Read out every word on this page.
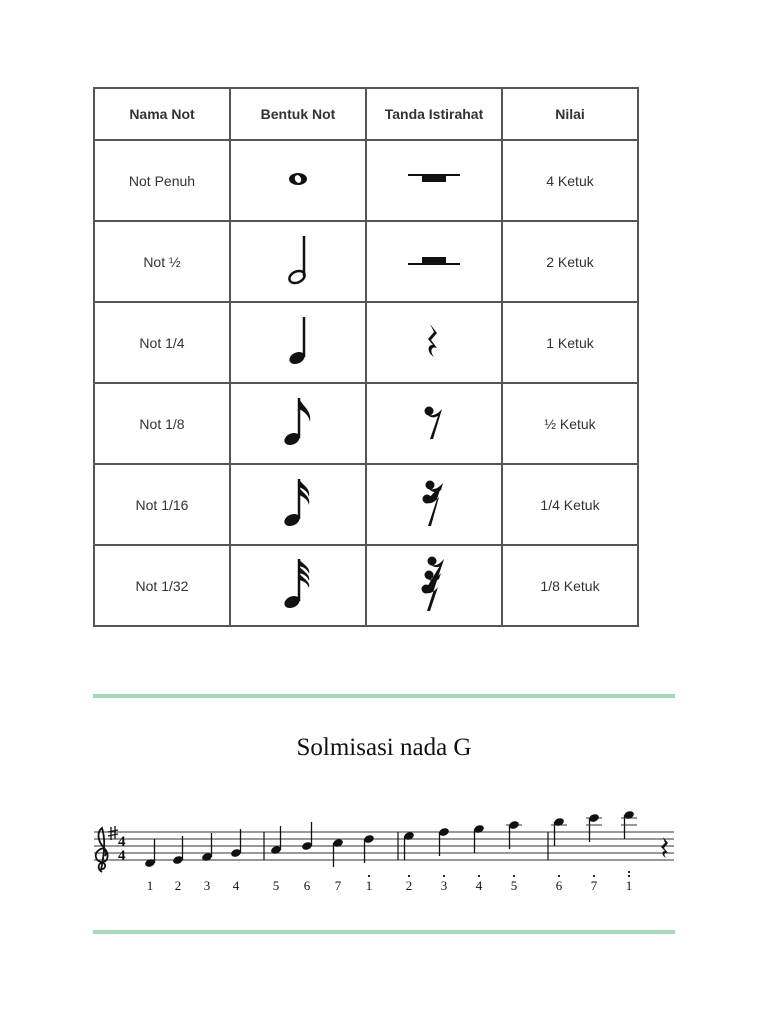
Nama Not	Bentuk Not	Tanda Istirahat	Nilai
Not Penuh			4 Ketuk
Not ½			2 Ketuk
Not 1/4			1 Ketuk
Not 1/8			½ Ketuk
Not 1/16			1/4 Ketuk
Not 1/32			1/8 Ketuk
Solmisasi nada G
4
4
1 2 3 4	5 6 7 1	2 3 4 5	6 7 1
